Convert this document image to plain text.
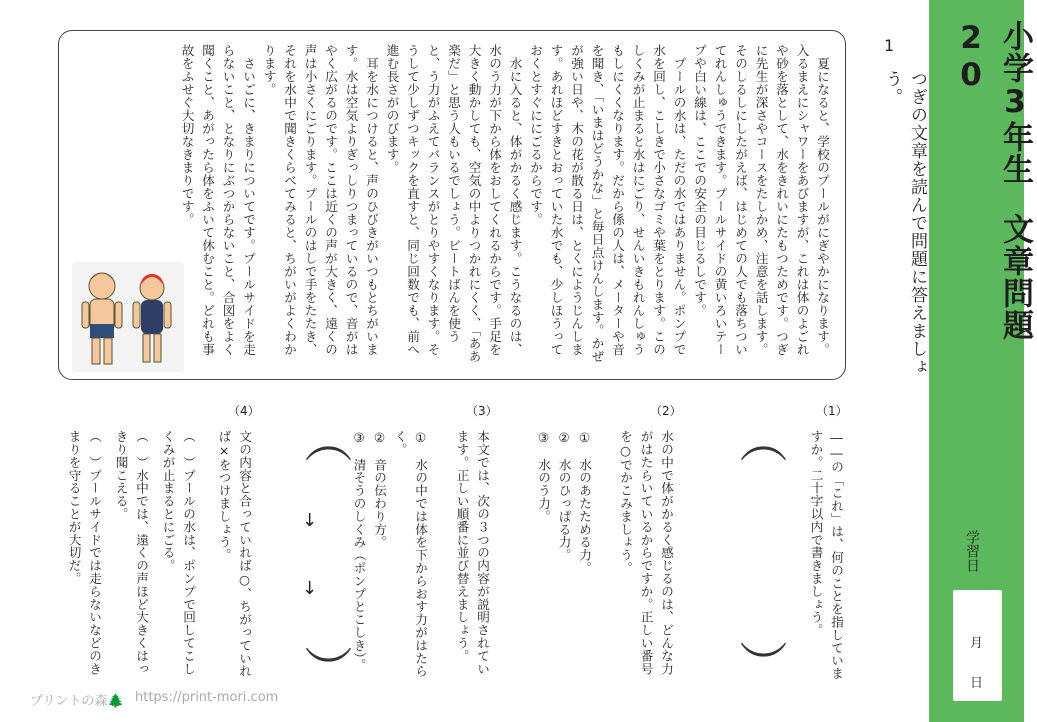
小学3年生文章問題20
学習日
月
日
1
つぎの文章を読んで問題に答えましょう。
夏になると、学校のプールがにぎやかになります。入るまえにシャワーをあびますが、これは体のよごれや砂を落として、水をきれいにたもつためです。つぎに先生が深さやコースをたしかめ、注意を話します。そのしるしにしたがえば、はじめての人でも落ちついてれんしゅうできます。プールサイドの黄いろいテープや白い線は、ここでの安全の目じるしです。
プールの水は、ただの水ではありません。ポンプで水を回し、こしきで小さなゴミや葉をとります。このしくみが止まると水はにごり、せんいきもれんしゅうもしにくくなります。だから係の人は、メーターや音を聞き、「いまはどうかな」と毎日点けんします。かぜが強い日や、木の花が散る日は、とくにようじんします。あれほどすきとおっていた水でも、少しほうっておくとすぐににごるからです。
水に入ると、体がかるく感じます。こうなるのは、水のう力が下から体をおしてくれるからです。手足を大きく動かしても、空気の中よりつかれにくく、「ああ楽だ」と思う人もいるでしょう。ビートばんを使うと、う力がふえてバランスがとりやすくなります。そうして少しずつキックを直すと、同じ回数でも、前へ進む長さがのびます。
耳を水につけると、声のひびきがいつもとちがいます。水は空気よりぎっしりつまっているので、音がはやく広がるのです。ここは近くの声が大きく、遠くの声は小さくにごります。プールのはしで手をたたき、それを水中で聞きくらべてみると、ちがいがよくわかります。
さいごに、きまりについてです。プールサイドを走らないこと、となりにぶつからないこと、合図をよく聞くこと、あがったら体をふいて休むこと。どれも事故をふせぐ大切なきまりです。
（1）
――の「これ」は、何のことを指していますか。二十字以内で書きましょう。
︵
︶
（2）
水の中で体がかるく感じるのは、どんな力がはたらいているからですか。正しい番号を○でかこみましょう。
①　水のあたためる力。
②　水のひっぱる力。
③　水のう力。
（3）
本文では、次の３つの内容が説明されています。正しい順番に並び替えましょう。
①　水の中では体を下からおす力がはたらく。
②　音の伝わり方。
③　清そうのしくみ（ポンプとこしき）。
︵
↓
↓
︶
（4）
文の内容と合っていれば○、ちがっていれば×をつけましょう。
（　）プールの水は、ポンプで回してこしくみが止まるとにごる。
（　）水中では、遠くの声ほど大きくはっきり聞こえる。
（　）プールサイドでは走らないなどのきまりを守ることが大切だ。
プリントの森🌲 https://print-mori.com
